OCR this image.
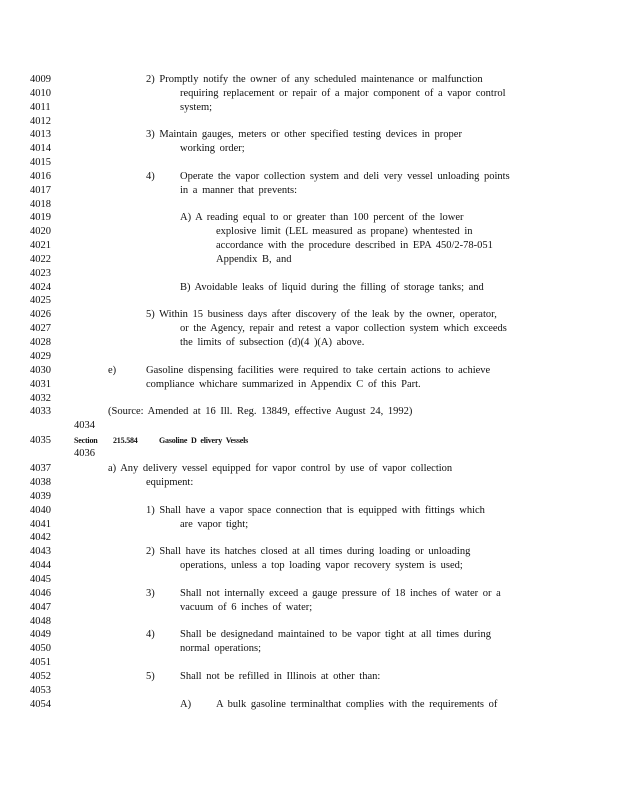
4009	2) Promptly notify the owner of any scheduled maintenance or malfunction
4010	requiring replacement or repair of a major component of a vapor control
4011	system;
4012
4013	3) Maintain gauges, meters or other specified testing devices in proper
4014	working order;
4015
4016	4) Operate the vapor collection system and deli very vessel unloading points
4017	in a manner that prevents:
4018
4019	A) A reading equal to or greater than 100 percent of the lower
4020	explosive limit (LEL measured as propane) whentested in
4021	accordance with the procedure described in EPA 450/2-78-051
4022	Appendix B, and
4023
4024	B) Avoidable leaks of liquid during the filling of storage tanks; and
4025
4026	5) Within 15 business days after discovery of the leak by the owner, operator,
4027	or the Agency, repair and retest a vapor collection system which exceeds
4028	the limits of subsection (d)(4 )(A) above.
4029
4030	e)	Gasoline dispensing facilities were required to take certain actions to achieve
4031	compliance whichare summarized in Appendix C of this Part.
4032
4033	(Source: Amended at 16 Ill. Reg. 13849, effective August 24, 1992)
4034
4035	Section 215.584	Gasoline D elivery Vessels
4036
4037	a) Any delivery vessel equipped for vapor control by use of vapor collection
4038	equipment:
4039
4040	1) Shall have a vapor space connection that is equipped with fittings which
4041	are vapor tight;
4042
4043	2) Shall have its hatches closed at all times during loading or unloading
4044	operations, unless a top loading vapor recovery system is used;
4045
4046	3) Shall not internally exceed a gauge pressure of 18 inches of water or a
4047	vacuum of 6 inches of water;
4048
4049	4) Shall be designedand maintained to be vapor tight at all times during
4050	normal operations;
4051
4052	5) Shall not be refilled in Illinois at other than:
4053
4054	A) A bulk gasoline terminalthat complies with the requirements of
